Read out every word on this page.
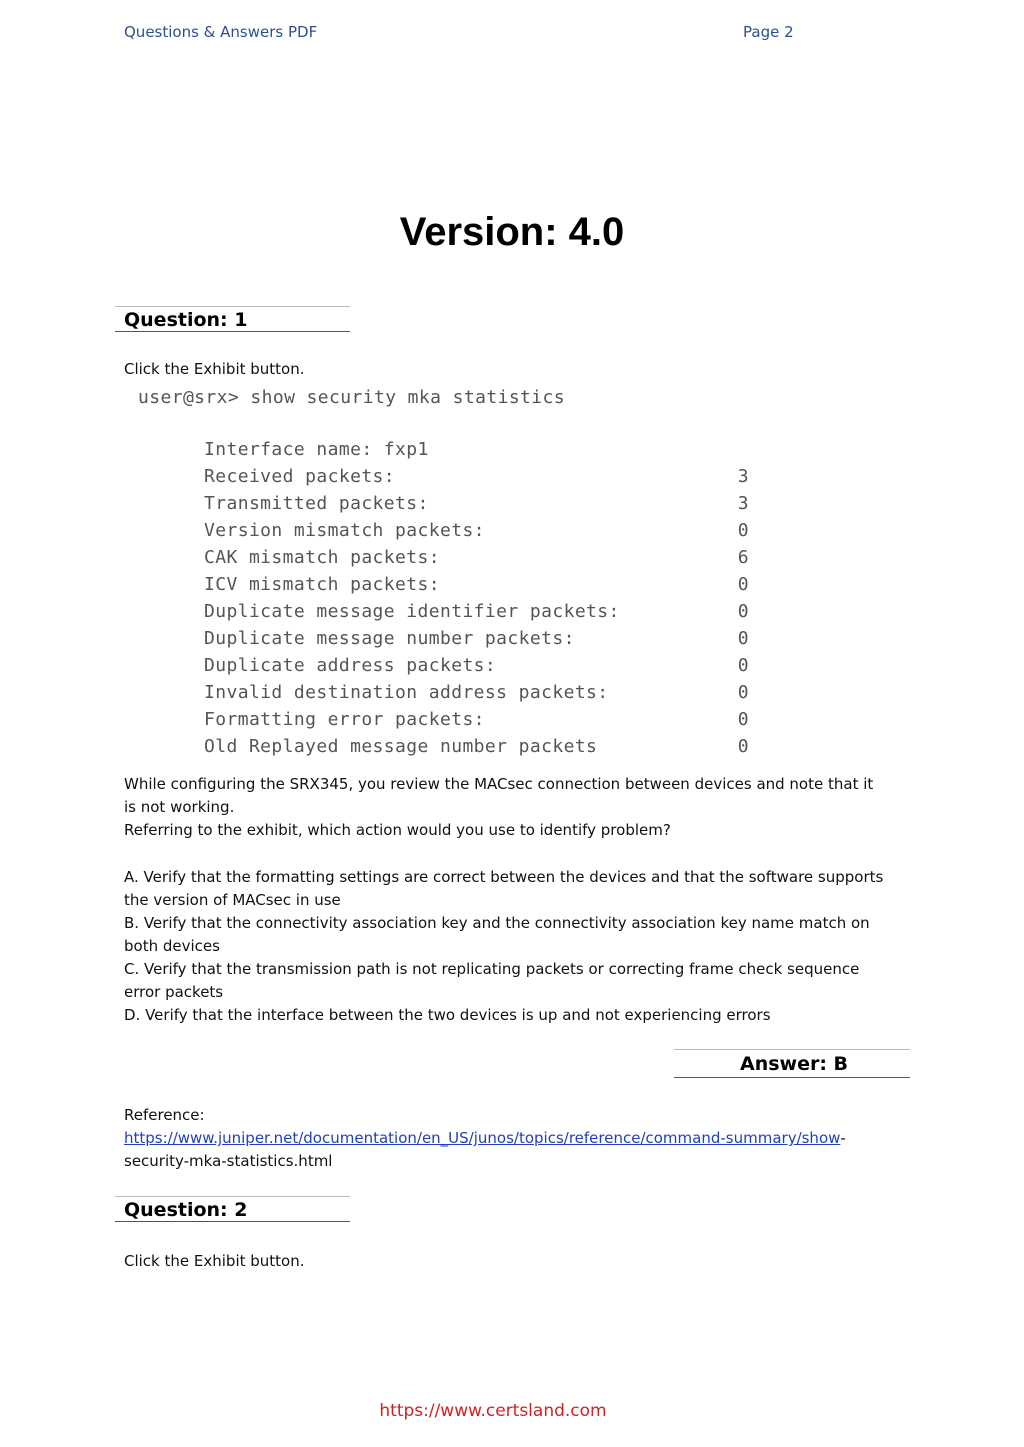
Questions & Answers PDF	Page 2
Version: 4.0
Question: 1
Click the Exhibit button.
user@srx> show security mka statistics
Interface name: fxp1
Received packets:	3
Transmitted packets:	3
Version mismatch packets:	0
CAK mismatch packets:	6
ICV mismatch packets:	0
Duplicate message identifier packets:	0
Duplicate message number packets:	0
Duplicate address packets:	0
Invalid destination address packets:	0
Formatting error packets:	0
Old Replayed message number packets	0
While configuring the SRX345, you review the MACsec connection between devices and note that it
is not working.
Referring to the exhibit, which action would you use to identify problem?
A. Verify that the formatting settings are correct between the devices and that the software supports
the version of MACsec in use
B. Verify that the connectivity association key and the connectivity association key name match on
both devices
C. Verify that the transmission path is not replicating packets or correcting frame check sequence
error packets
D. Verify that the interface between the two devices is up and not experiencing errors
Answer: B
Reference:
https://www.juniper.net/documentation/en_US/junos/topics/reference/command-summary/show-
security-mka-statistics.html
Question: 2
Click the Exhibit button.
https://www.certsland.com
